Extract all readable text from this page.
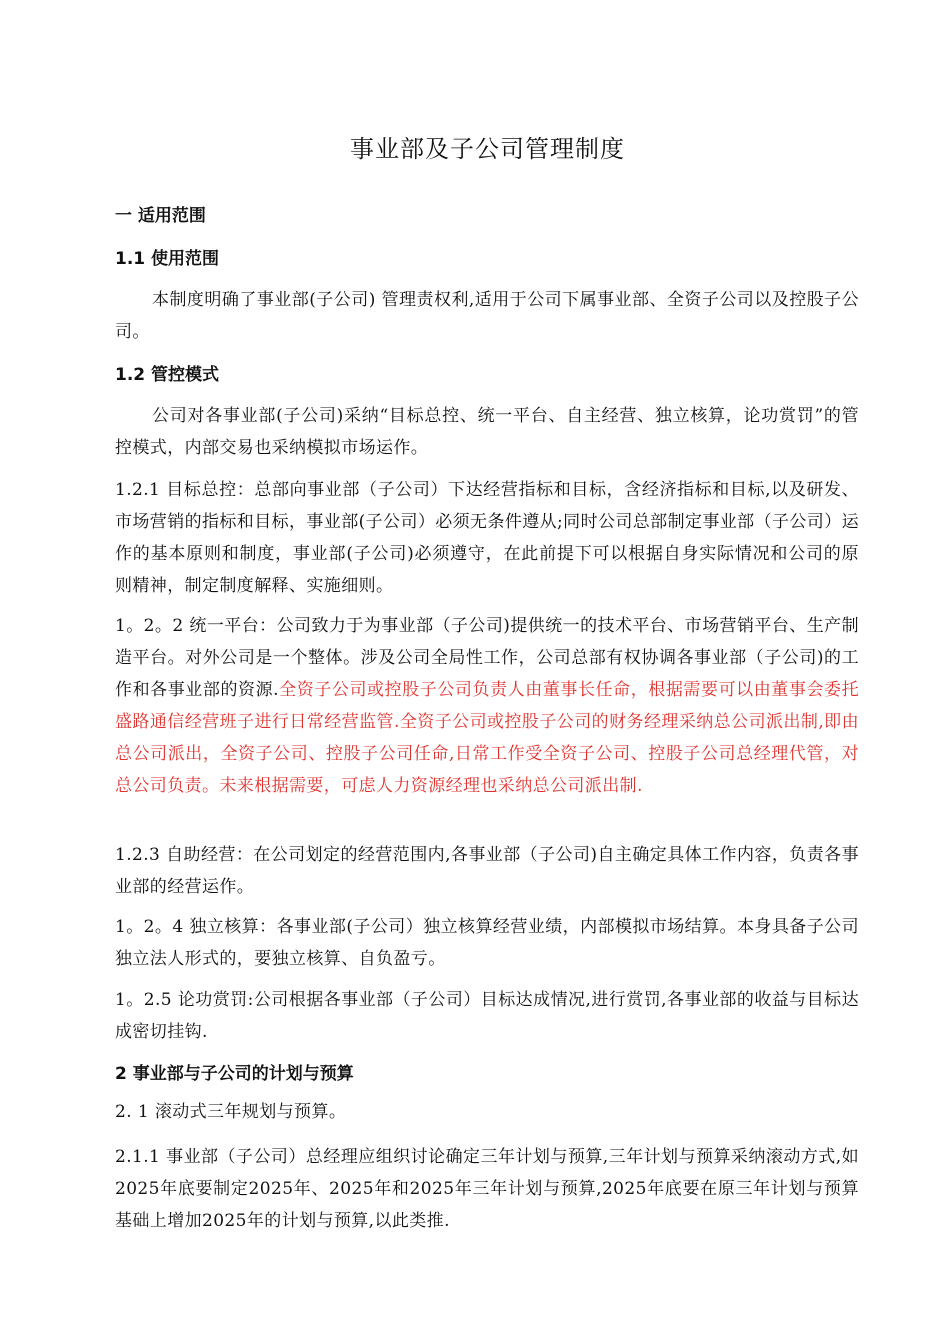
事业部及子公司管理制度
一 适用范围
1.1 使用范围
本制度明确了事业部(子公司) 管理责权利,适用于公司下属事业部、全资子公司以及控股子公司。
1.2 管控模式
公司对各事业部(子公司)采纳“目标总控、统一平台、自主经营、独立核算，论功赏罚”的管控模式，内部交易也采纳模拟市场运作。
1.2.1 目标总控：总部向事业部（子公司）下达经营指标和目标，含经济指标和目标,以及研发、市场营销的指标和目标，事业部(子公司）必须无条件遵从;同时公司总部制定事业部（子公司）运作的基本原则和制度，事业部(子公司)必须遵守，在此前提下可以根据自身实际情况和公司的原则精神，制定制度解释、实施细则。
1。2。2 统一平台：公司致力于为事业部（子公司)提供统一的技术平台、市场营销平台、生产制造平台。对外公司是一个整体。涉及公司全局性工作，公司总部有权协调各事业部（子公司)的工作和各事业部的资源.全资子公司或控股子公司负责人由董事长任命，根据需要可以由董事会委托盛路通信经营班子进行日常经营监管.全资子公司或控股子公司的财务经理采纳总公司派出制,即由总公司派出，全资子公司、控股子公司任命,日常工作受全资子公司、控股子公司总经理代管，对总公司负责。未来根据需要，可虑人力资源经理也采纳总公司派出制.
1.2.3 自助经营：在公司划定的经营范围内,各事业部（子公司)自主确定具体工作内容，负责各事业部的经营运作。
1。2。4 独立核算：各事业部(子公司）独立核算经营业绩，内部模拟市场结算。本身具备子公司独立法人形式的，要独立核算、自负盈亏。
1。2.5 论功赏罚:公司根据各事业部（子公司）目标达成情况,进行赏罚,各事业部的收益与目标达成密切挂钩.
2 事业部与子公司的计划与预算
2. 1 滚动式三年规划与预算。
2.1.1 事业部（子公司）总经理应组织讨论确定三年计划与预算,三年计划与预算采纳滚动方式,如2025年底要制定2025年、2025年和2025年三年计划与预算,2025年底要在原三年计划与预算基础上增加2025年的计划与预算,以此类推.
